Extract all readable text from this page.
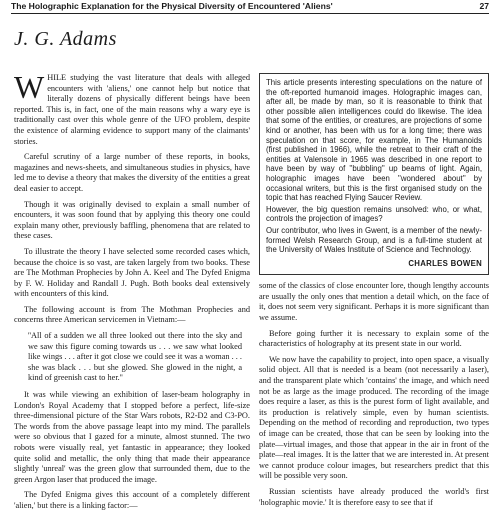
The Holographic Explanation for the Physical Diversity of Encountered 'Aliens'	27
J. G. Adams

WHILE studying the vast literature that deals with alleged encounters with 'aliens,' one cannot help but notice that literally dozens of physically different beings have been reported. This is, in fact, one of the main reasons why a wary eye is traditionally cast over this whole genre of the UFO problem, despite the existence of alarming evidence to support many of the claimants' stories.

Careful scrutiny of a large number of these reports, in books, magazines and news-sheets, and simultaneous studies in physics, have led me to devise a theory that makes the diversity of the entities a great deal easier to accept.

Though it was originally devised to explain a small number of encounters, it was soon found that by applying this theory one could explain many other, previously baffling, phenomena that are related to these cases.

To illustrate the theory I have selected some recorded cases which, because the choice is so vast, are taken largely from two books. These are The Mothman Prophecies by John A. Keel and The Dyfed Enigma by F. W. Holiday and Randall J. Pugh. Both books deal extensively with encounters of this kind.

The following account is from The Mothman Prophecies and concerns three American servicemen in Vietnam:—

''All of a sudden we all three looked out there into the sky and we saw this figure coming towards us . . . we saw what looked like wings . . . after it got close we could see it was a woman . . . she was black . . . but she glowed. She glowed in the night, a kind of greenish cast to her.''

It was while viewing an exhibition of laser-beam holography in London's Royal Academy that I stopped before a perfect, life-size three-dimensional picture of the Star Wars robots, R2-D2 and C3-PO. The words from the above passage leapt into my mind. The parallels were so obvious that I gazed for a minute, almost stunned. The two robots were visually real, yet fantastic in appearance; they looked quite solid and metallic, the only thing that made their appearance slightly 'unreal' was the green glow that surrounded them, due to the green Argon laser that produced the image.

The Dyfed Enigma gives this account of a completely different 'alien,' but there is a linking factor:—

This article presents interesting speculations on the nature of the oft-reported humanoid images. Holographic images can, after all, be made by man, so it is reasonable to think that other possible alien intelligences could do likewise. The idea that some of the entities, or creatures, are projections of some kind or another, has been with us for a long time; there was speculation on that score, for example, in The Humanoids (first published in 1966), while the retreat to their craft of the entities at Valensole in 1965 was described in one report to have been by way of ''bubbling'' up beams of light. Again, holographic images have been ''wondered about'' by occasional writers, but this is the first organised study on the topic that has reached Flying Saucer Review.

However, the big question remains unsolved: who, or what, controls the projection of images?

Our contributor, who lives in Gwent, is a member of the newly-formed Welsh Research Group, and is a full-time student at the University of Wales Institute of Science and Technology.

CHARLES BOWEN

some of the classics of close encounter lore, though lengthy accounts are usually the only ones that mention a detail which, on the face of it, does not seem very significant. Perhaps it is more significant than we assume.

Before going further it is necessary to explain some of the characteristics of holography at its present state in our world.

We now have the capability to project, into open space, a visually solid object. All that is needed is a beam (not necessarily a laser), and the transparent plate which 'contains' the image, and which need not be as large as the image produced. The recording of the image does require a laser, as this is the purest form of light available, and its production is relatively simple, even by human scientists. Depending on the method of recording and reproduction, two types of image can be created, those that can be seen by looking into the plate—virtual images, and those that appear in the air in front of the plate—real images. It is the latter that we are interested in. At present we cannot produce colour images, but researchers predict that this will be possible very soon.

Russian scientists have already produced the world's first 'holographic movie.' It is therefore easy to see that if
